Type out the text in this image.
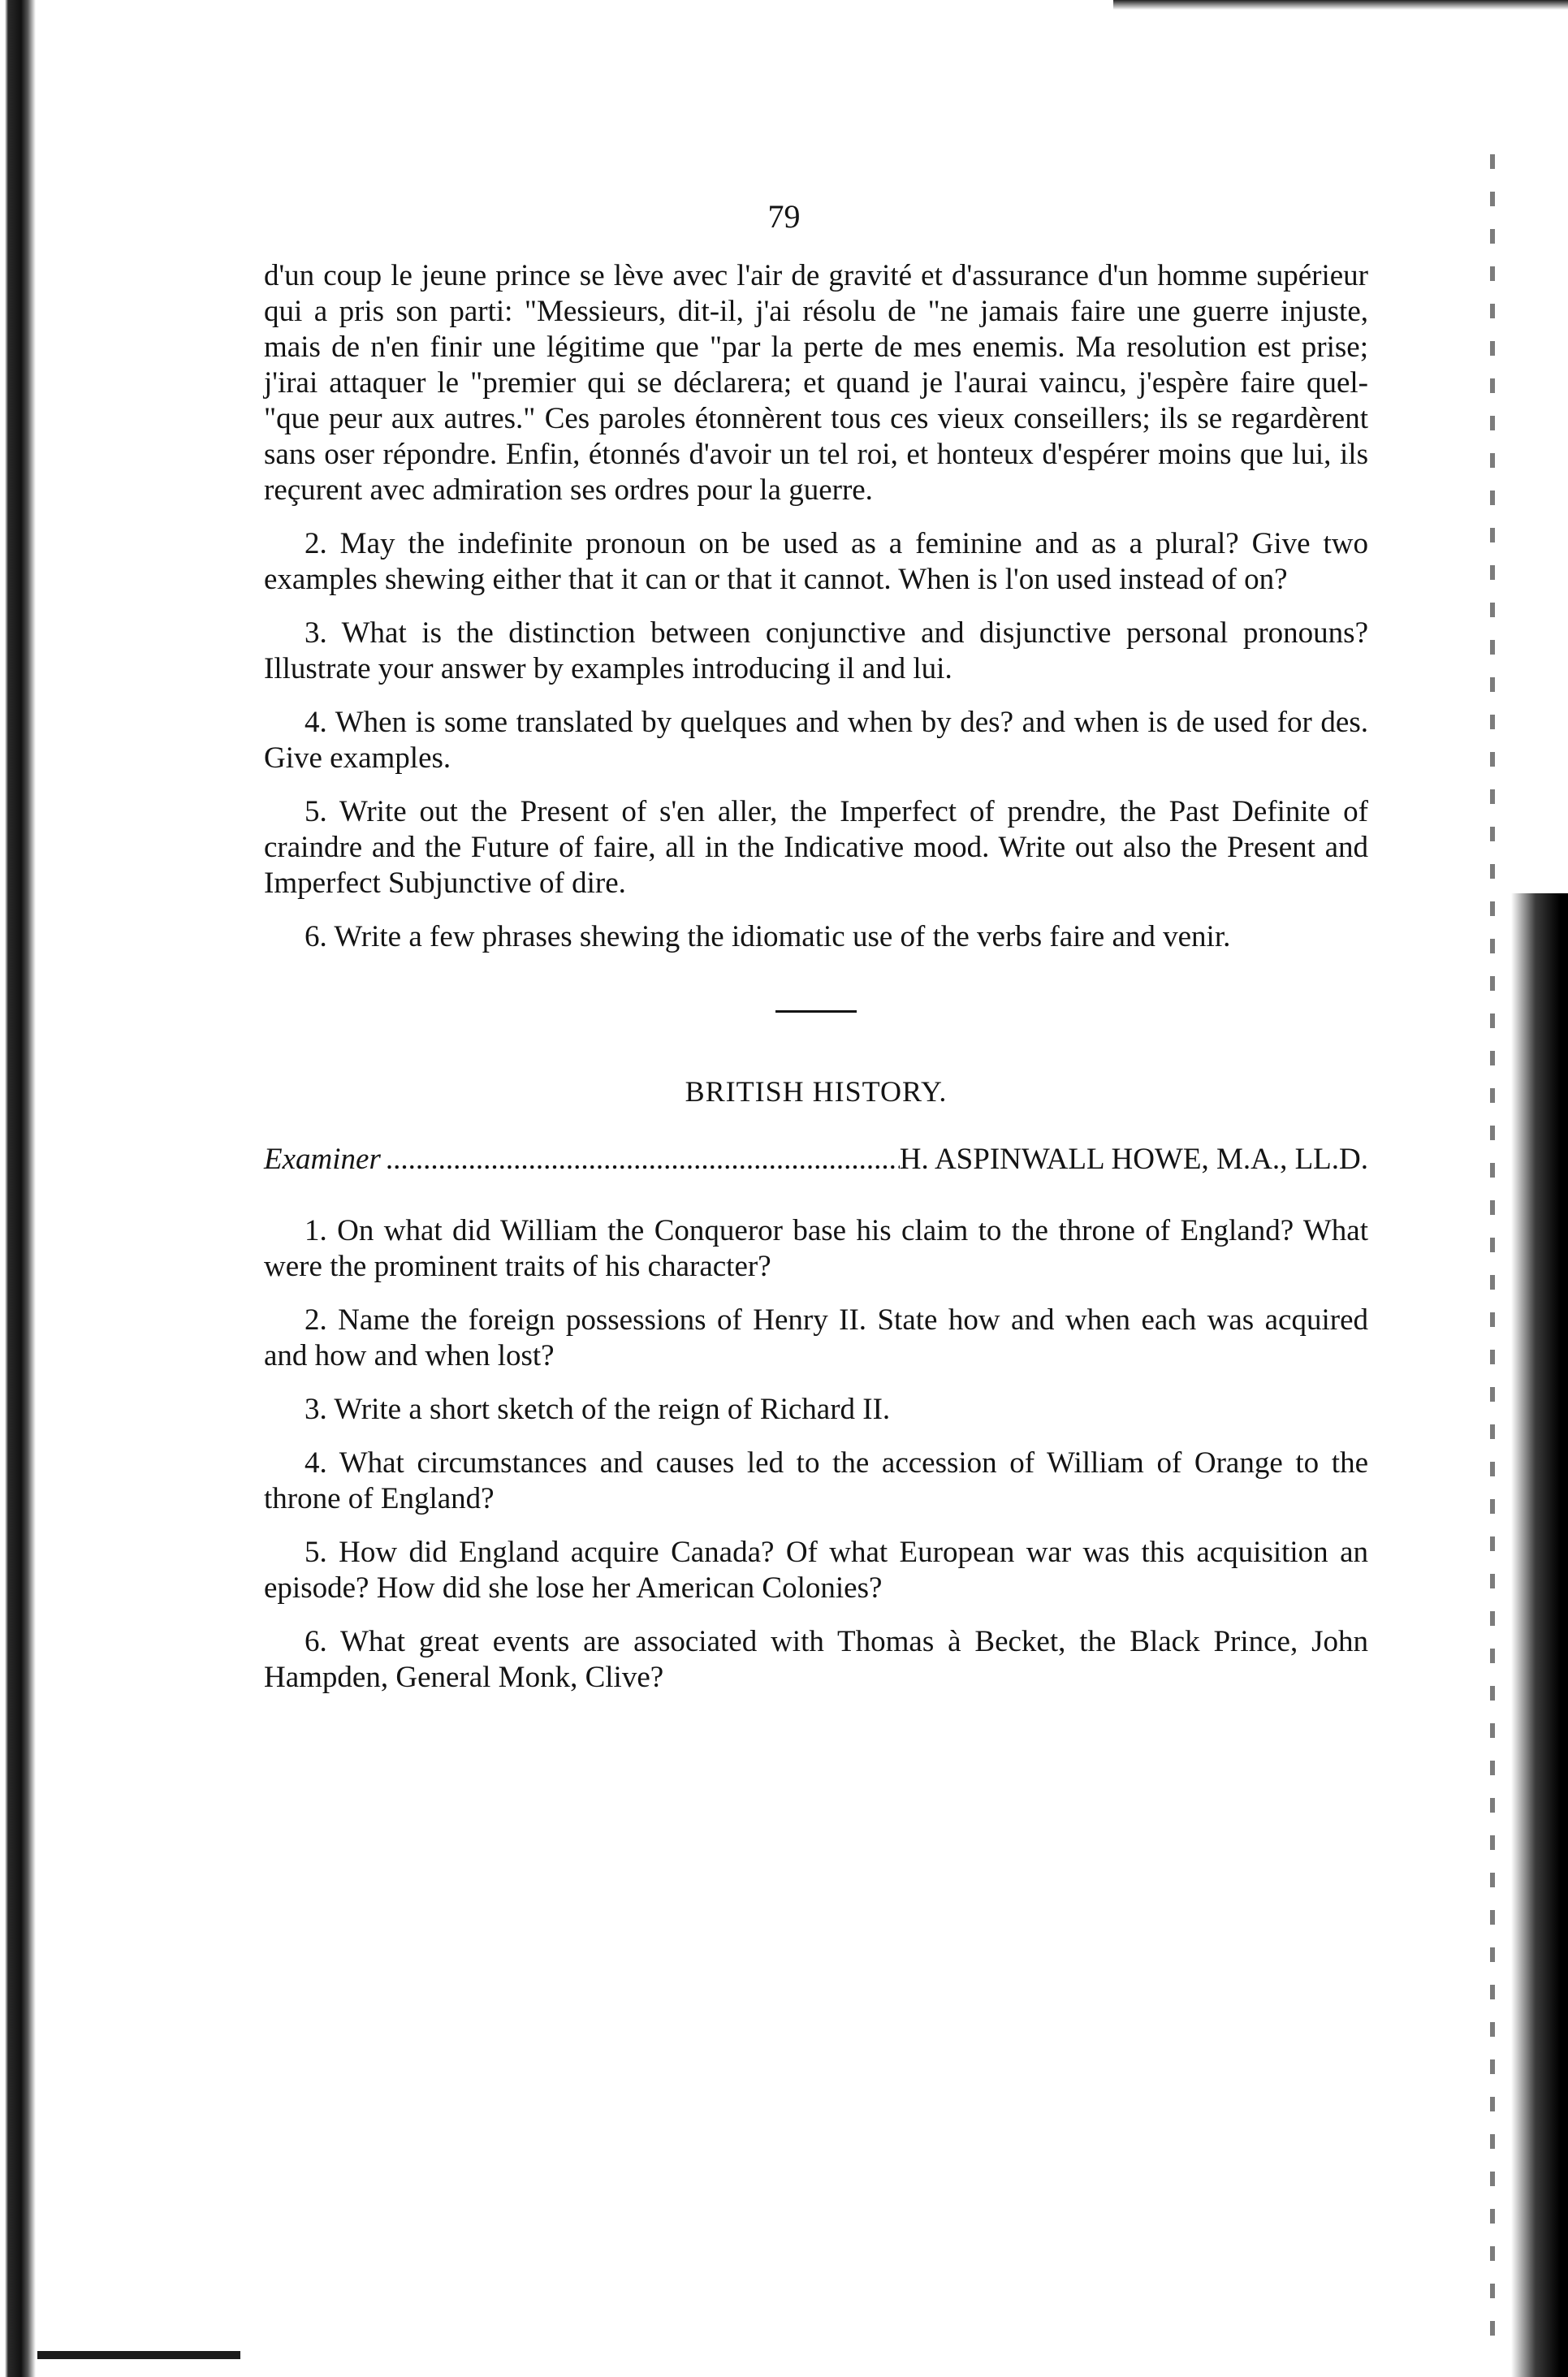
79

d'un coup le jeune prince se lève avec l'air de gravité et d'assurance d'un homme supérieur qui a pris son parti: "Messieurs, dit-il, j'ai résolu de "ne jamais faire une guerre injuste, mais de n'en finir une légitime que "par la perte de mes enemis. Ma resolution est prise; j'irai attaquer le "premier qui se déclarera; et quand je l'aurai vaincu, j'espère faire quel- "que peur aux autres." Ces paroles étonnèrent tous ces vieux conseillers; ils se regardèrent sans oser répondre. Enfin, étonnés d'avoir un tel roi, et honteux d'espérer moins que lui, ils reçurent avec admiration ses ordres pour la guerre.

2. May the indefinite pronoun on be used as a feminine and as a plural? Give two examples shewing either that it can or that it cannot. When is l'on used instead of on?

3. What is the distinction between conjunctive and disjunctive personal pronouns? Illustrate your answer by examples introducing il and lui.

4. When is some translated by quelques and when by des? and when is de used for des. Give examples.

5. Write out the Present of s'en aller, the Imperfect of prendre, the Past Definite of craindre and the Future of faire, all in the Indicative mood. Write out also the Present and Imperfect Subjunctive of dire.

6. Write a few phrases shewing the idiomatic use of the verbs faire and venir.

BRITISH HISTORY.
Examiner
.....	H. ASPINWALL HOWE, M.A., LL.D.

1. On what did William the Conqueror base his claim to the throne of England? What were the prominent traits of his character?

2. Name the foreign possessions of Henry II. State how and when each was acquired and how and when lost?

3. Write a short sketch of the reign of Richard II.

4. What circumstances and causes led to the accession of William of Orange to the throne of England?

5. How did England acquire Canada? Of what European war was this acquisition an episode? How did she lose her American Colonies?

6. What great events are associated with Thomas à Becket, the Black Prince, John Hampden, General Monk, Clive?
